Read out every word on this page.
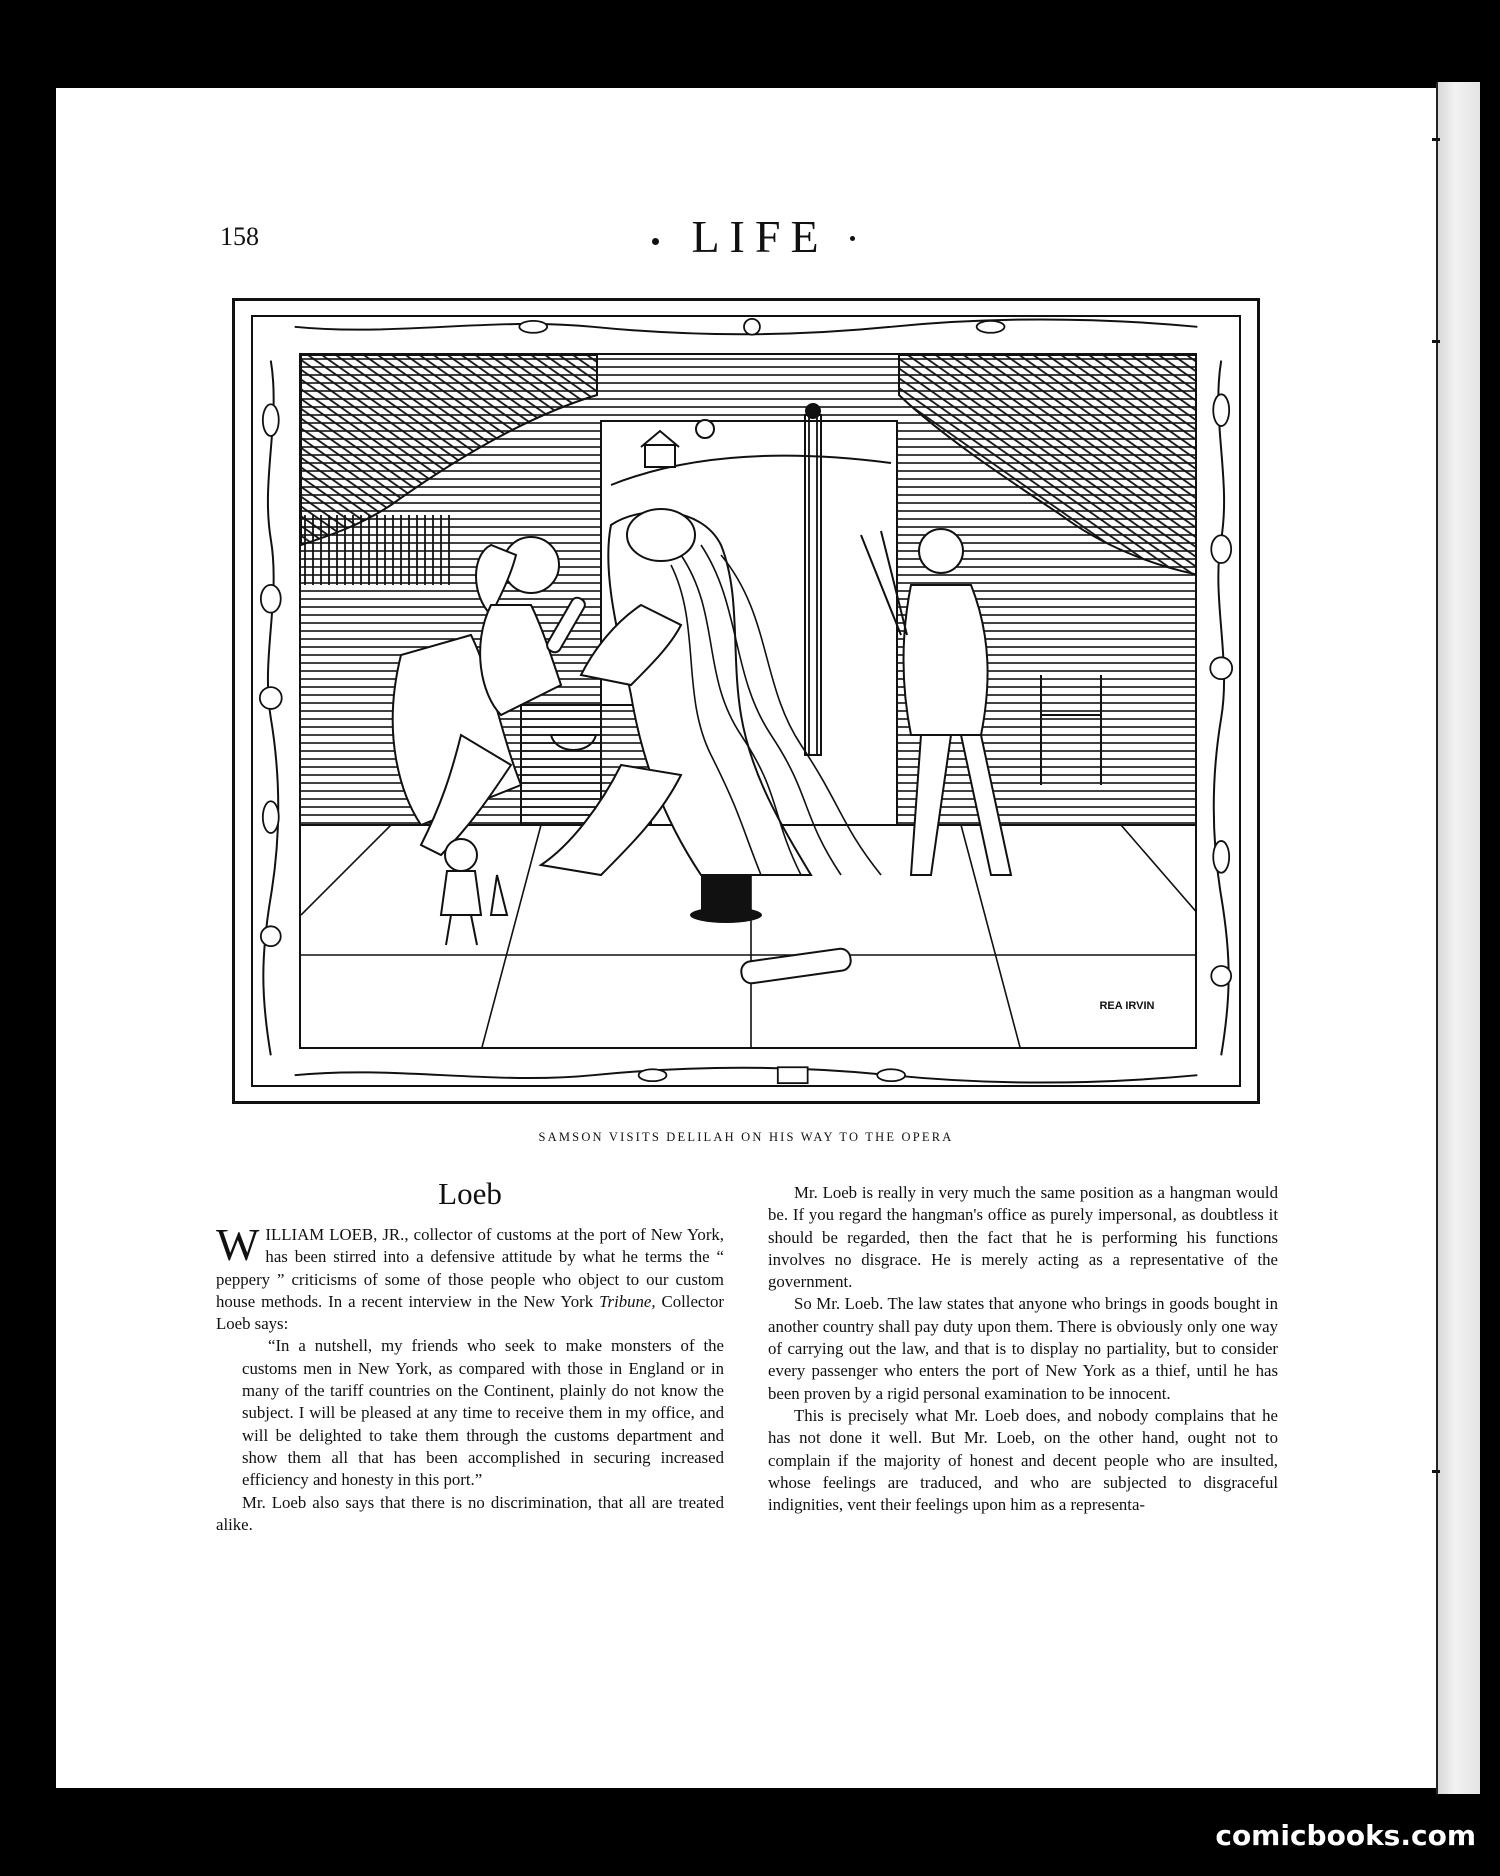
158	LIFE
REA IRVIN
SAMSON VISITS DELILAH ON HIS WAY TO THE OPERA
Loeb

WILLIAM LOEB, JR., collector of customs at the port of New York, has been stirred into a defensive attitude by what he terms the “ peppery ” criticisms of some of those people who object to our custom house methods. In a recent interview in the New York Tribune, Collector Loeb says:

“In a nutshell, my friends who seek to make monsters of the customs men in New York, as compared with those in England or in many of the tariff countries on the Continent, plainly do not know the subject. I will be pleased at any time to receive them in my office, and will be delighted to take them through the customs department and show them all that has been accomplished in securing increased efficiency and honesty in this port.”

Mr. Loeb also says that there is no discrimination, that all are treated alike.

Mr. Loeb is really in very much the same position as a hangman would be. If you regard the hangman's office as purely impersonal, as doubtless it should be regarded, then the fact that he is performing his functions involves no disgrace. He is merely acting as a representative of the government.

So Mr. Loeb. The law states that anyone who brings in goods bought in another country shall pay duty upon them. There is obviously only one way of carrying out the law, and that is to display no partiality, but to consider every passenger who enters the port of New York as a thief, until he has been proven by a rigid personal examination to be innocent.

This is precisely what Mr. Loeb does, and nobody complains that he has not done it well. But Mr. Loeb, on the other hand, ought not to complain if the majority of honest and decent people who are insulted, whose feelings are traduced, and who are subjected to disgraceful indignities, vent their feelings upon him as a representa-

comicbooks.com
